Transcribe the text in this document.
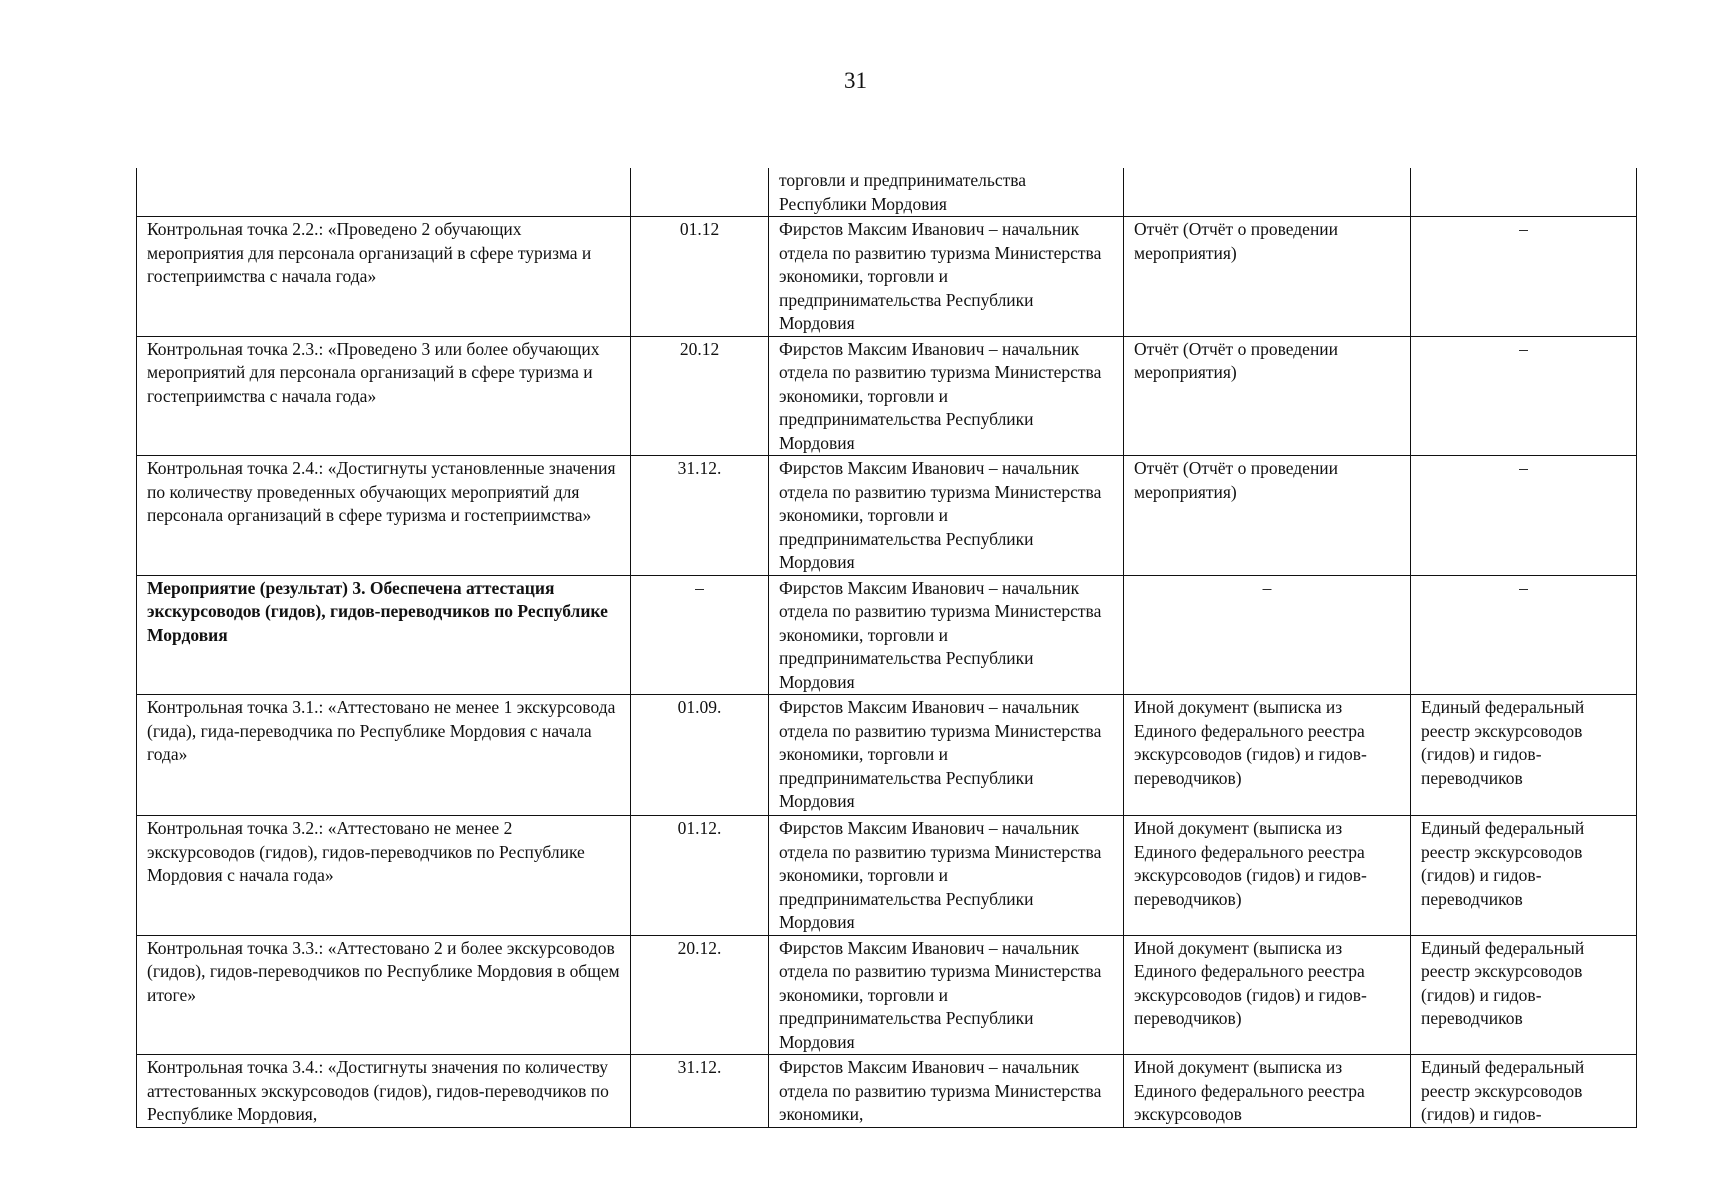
31
		торговли и предпринимательства Республики Мордовия		
Контрольная точка 2.2.: «Проведено 2 обучающих мероприятия для персонала организаций в сфере туризма и гостеприимства с начала года»	01.12	Фирстов Максим Иванович – начальник отдела по развитию туризма Министерства экономики, торговли и предпринимательства Республики Мордовия	Отчёт (Отчёт о проведении мероприятия)	–
Контрольная точка 2.3.: «Проведено 3 или более обучающих мероприятий для персонала организаций в сфере туризма и гостеприимства с начала года»	20.12	Фирстов Максим Иванович – начальник отдела по развитию туризма Министерства экономики, торговли и предпринимательства Республики Мордовия	Отчёт (Отчёт о проведении мероприятия)	–
Контрольная точка 2.4.: «Достигнуты установленные значения по количеству проведенных обучающих мероприятий для персонала организаций в сфере туризма и гостеприимства»	31.12.	Фирстов Максим Иванович – начальник отдела по развитию туризма Министерства экономики, торговли и предпринимательства Республики Мордовия	Отчёт (Отчёт о проведении мероприятия)	–
Мероприятие (результат) 3. Обеспечена аттестация экскурсоводов (гидов), гидов-переводчиков по Республике Мордовия	–	Фирстов Максим Иванович – начальник отдела по развитию туризма Министерства экономики, торговли и предпринимательства Республики Мордовия	–	–
Контрольная точка 3.1.: «Аттестовано не менее 1 экскурсовода (гида), гида-переводчика по Республике Мордовия с начала года»	01.09.	Фирстов Максим Иванович – начальник отдела по развитию туризма Министерства экономики, торговли и предпринимательства Республики Мордовия	Иной документ (выписка из Единого федерального реестра экскурсоводов (гидов) и гидов-переводчиков)	Единый федеральный реестр экскурсоводов (гидов) и гидов-переводчиков
Контрольная точка 3.2.: «Аттестовано не менее 2 экскурсоводов (гидов), гидов-переводчиков по Республике Мордовия с начала года»	01.12.	Фирстов Максим Иванович – начальник отдела по развитию туризма Министерства экономики, торговли и предпринимательства Республики Мордовия	Иной документ (выписка из Единого федерального реестра экскурсоводов (гидов) и гидов-переводчиков)	Единый федеральный реестр экскурсоводов (гидов) и гидов-переводчиков
Контрольная точка 3.3.: «Аттестовано 2 и более экскурсоводов (гидов), гидов-переводчиков по Республике Мордовия в общем итоге»	20.12.	Фирстов Максим Иванович – начальник отдела по развитию туризма Министерства экономики, торговли и предпринимательства Республики Мордовия	Иной документ (выписка из Единого федерального реестра экскурсоводов (гидов) и гидов-переводчиков)	Единый федеральный реестр экскурсоводов (гидов) и гидов-переводчиков
Контрольная точка 3.4.: «Достигнуты значения по количеству аттестованных экскурсоводов (гидов), гидов-переводчиков по Республике Мордовия,	31.12.	Фирстов Максим Иванович – начальник отдела по развитию туризма Министерства экономики,	Иной документ (выписка из Единого федерального реестра экскурсоводов	Единый федеральный реестр экскурсоводов (гидов) и гидов-
